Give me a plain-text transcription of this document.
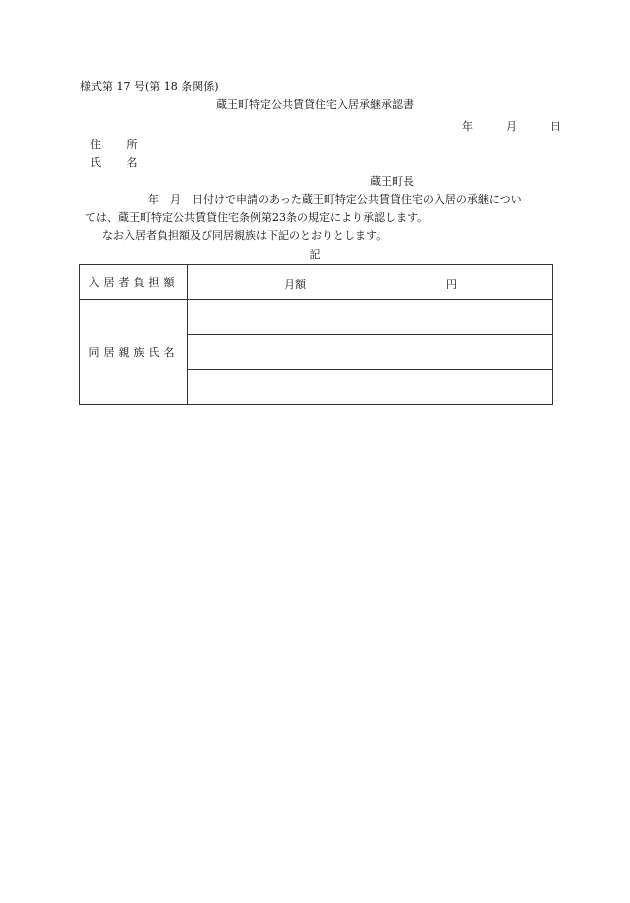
様式第 17 号(第 18 条関係)
蔵王町特定公共賃貸住宅入居承継承認書
年	月	日
住 所
氏 名
蔵王町長
年　月　日付けで申請のあった蔵王町特定公共賃貸住宅の入居の承継につい
ては、蔵王町特定公共賃貸住宅条例第23条の規定により承認します。
なお入居者負担額及び同居親族は下記のとおりとします。
記
入居者負担額	月額 円

同居親族氏名	
